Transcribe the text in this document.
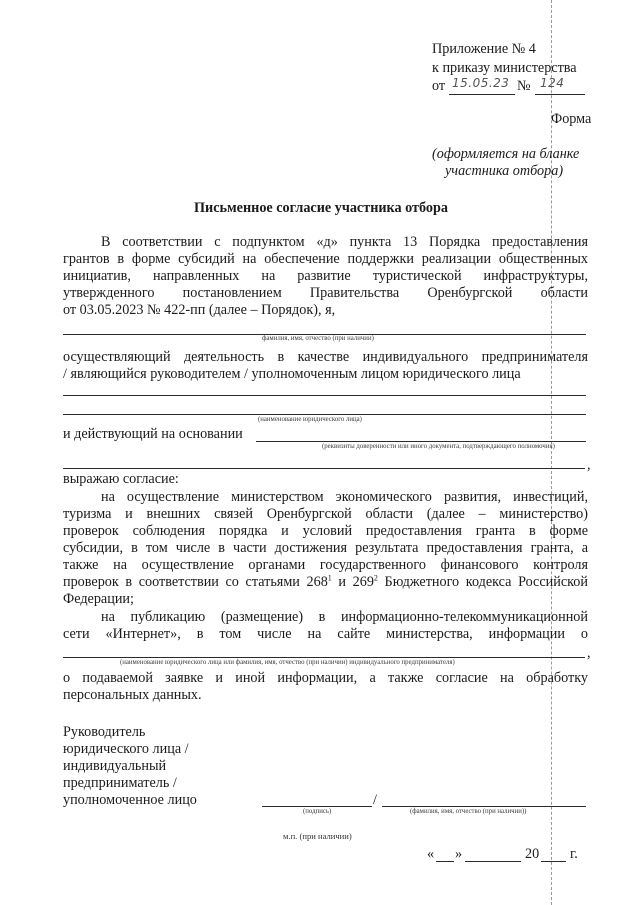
Приложение № 4
к приказу министерства
от 15.05.23 № 124
Форма
(оформляется на бланке
участника отбора)
Письменное согласие участника отбора
В соответствии с подпунктом «д» пункта 13 Порядка предоставления
грантов в форме субсидий на обеспечение поддержки реализации общественных
инициатив, направленных на развитие туристической инфраструктуры,
утвержденного постановлением Правительства Оренбургской области
от 03.05.2023 № 422-пп (далее – Порядок), я,
фамилия, имя, отчество (при наличии)
осуществляющий деятельность в качестве индивидуального предпринимателя
/ являющийся руководителем / уполномоченным лицом юридического лица
(наименование юридического лица)
и действующий на основании
(реквизиты доверенности или иного документа, подтверждающего полномочия)
,
выражаю согласие:
на осуществление министерством экономического развития, инвестиций,
туризма и внешних связей Оренбургской области (далее – министерство)
проверок соблюдения порядка и условий предоставления гранта в форме
субсидии, в том числе в части достижения результата предоставления гранта, а
также на осуществление органами государственного финансового контроля
проверок в соответствии со статьями $268^1$ и $269^2$ Бюджетного кодекса Российской
Федерации;
на публикацию (размещение) в информационно-телекоммуникационной
сети «Интернет», в том числе на сайте министерства, информации о
,
(наименование юридического лица или фамилия, имя, отчество (при наличии) индивидуального предпринимателя)
о подаваемой заявке и иной информации, а также согласие на обработку
персональных данных.
Руководитель
юридического лица /
индивидуальный
предприниматель /
уполномоченное лицо	/
(подпись)	(фамилия, имя, отчество (при наличии))
м.п. (при наличии)
« »	20 г.
